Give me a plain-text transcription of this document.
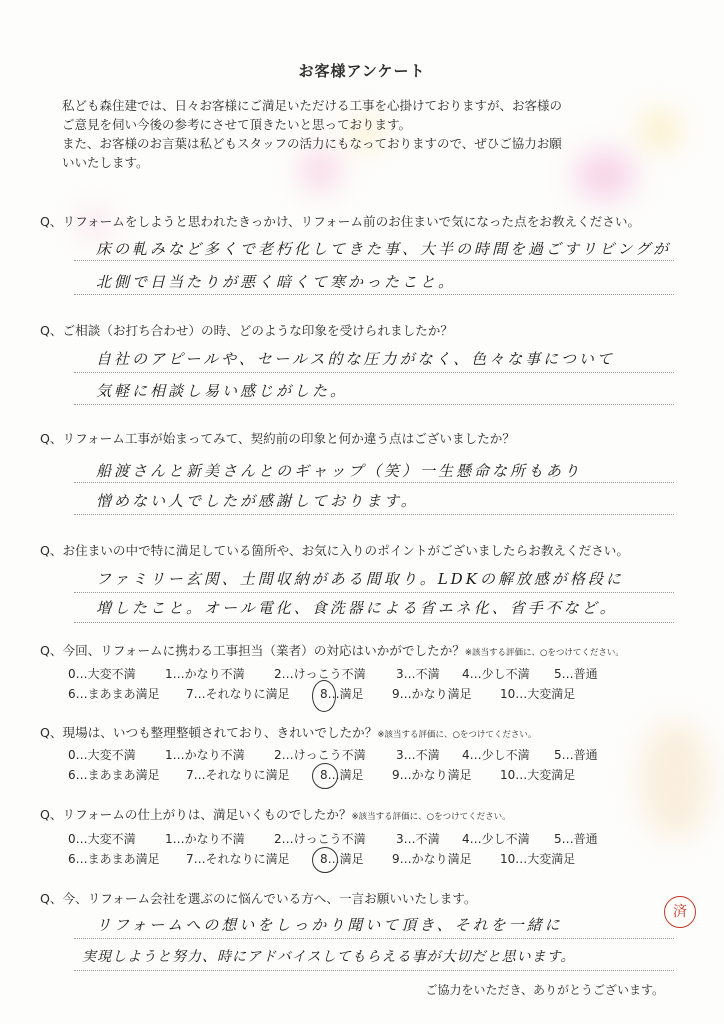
お客様アンケート
私ども森住建では、日々お客様にご満足いただける工事を心掛けておりますが、お客様の
ご意見を伺い今後の参考にさせて頂きたいと思っております。
また、お客様のお言葉は私どもスタッフの活力にもなっておりますので、ぜひご協力お願
いいたします。
Q、リフォームをしようと思われたきっかけ、リフォーム前のお住まいで気になった点をお教えください。
床の軋みなど多くで老朽化してきた事、大半の時間を過ごすリビングが
北側で日当たりが悪く暗くて寒かったこと。
Q、ご相談（お打ち合わせ）の時、どのような印象を受けられましたか？
自社のアピールや、セールス的な圧力がなく、色々な事について
気軽に相談し易い感じがした。
Q、リフォーム工事が始まってみて、契約前の印象と何か違う点はございましたか？
船渡さんと新美さんとのギャップ（笑）一生懸命な所もあり
憎めない人でしたが感謝しております。
Q、お住まいの中で特に満足している箇所や、お気に入りのポイントがございましたらお教えください。
ファミリー玄関、土間収納がある間取り。LDKの解放感が格段に
増したこと。オール電化、食洗器による省エネ化、省手不など。
Q、今回、リフォームに携わる工事担当（業者）の対応はいかがでしたか？※該当する評価に、○をつけてください。
0…大変不満 1…かなり不満 2…けっこう不満	3…不満 4…少し不満 5…普通
6…まあまあ満足 7…それなりに満足	8…満足 9…かなり満足 10…大変満足
Q、現場は、いつも整理整頓されており、きれいでしたか？※該当する評価に、○をつけてください。
0…大変不満 1…かなり不満 2…けっこう不満	3…不満 4…少し不満 5…普通
6…まあまあ満足 7…それなりに満足	8…満足 9…かなり満足 10…大変満足
Q、リフォームの仕上がりは、満足いくものでしたか？※該当する評価に、○をつけてください。
0…大変不満 1…かなり不満 2…けっこう不満	3…不満 4…少し不満 5…普通
6…まあまあ満足 7…それなりに満足	8…満足 9…かなり満足 10…大変満足
Q、今、リフォーム会社を選ぶのに悩んでいる方へ、一言お願いいたします。
リフォームへの想いをしっかり聞いて頂き、それを一緒に
実現しようと努力、時にアドバイスしてもらえる事が大切だと思います。
済
ご協力をいただき、ありがとうございます。
